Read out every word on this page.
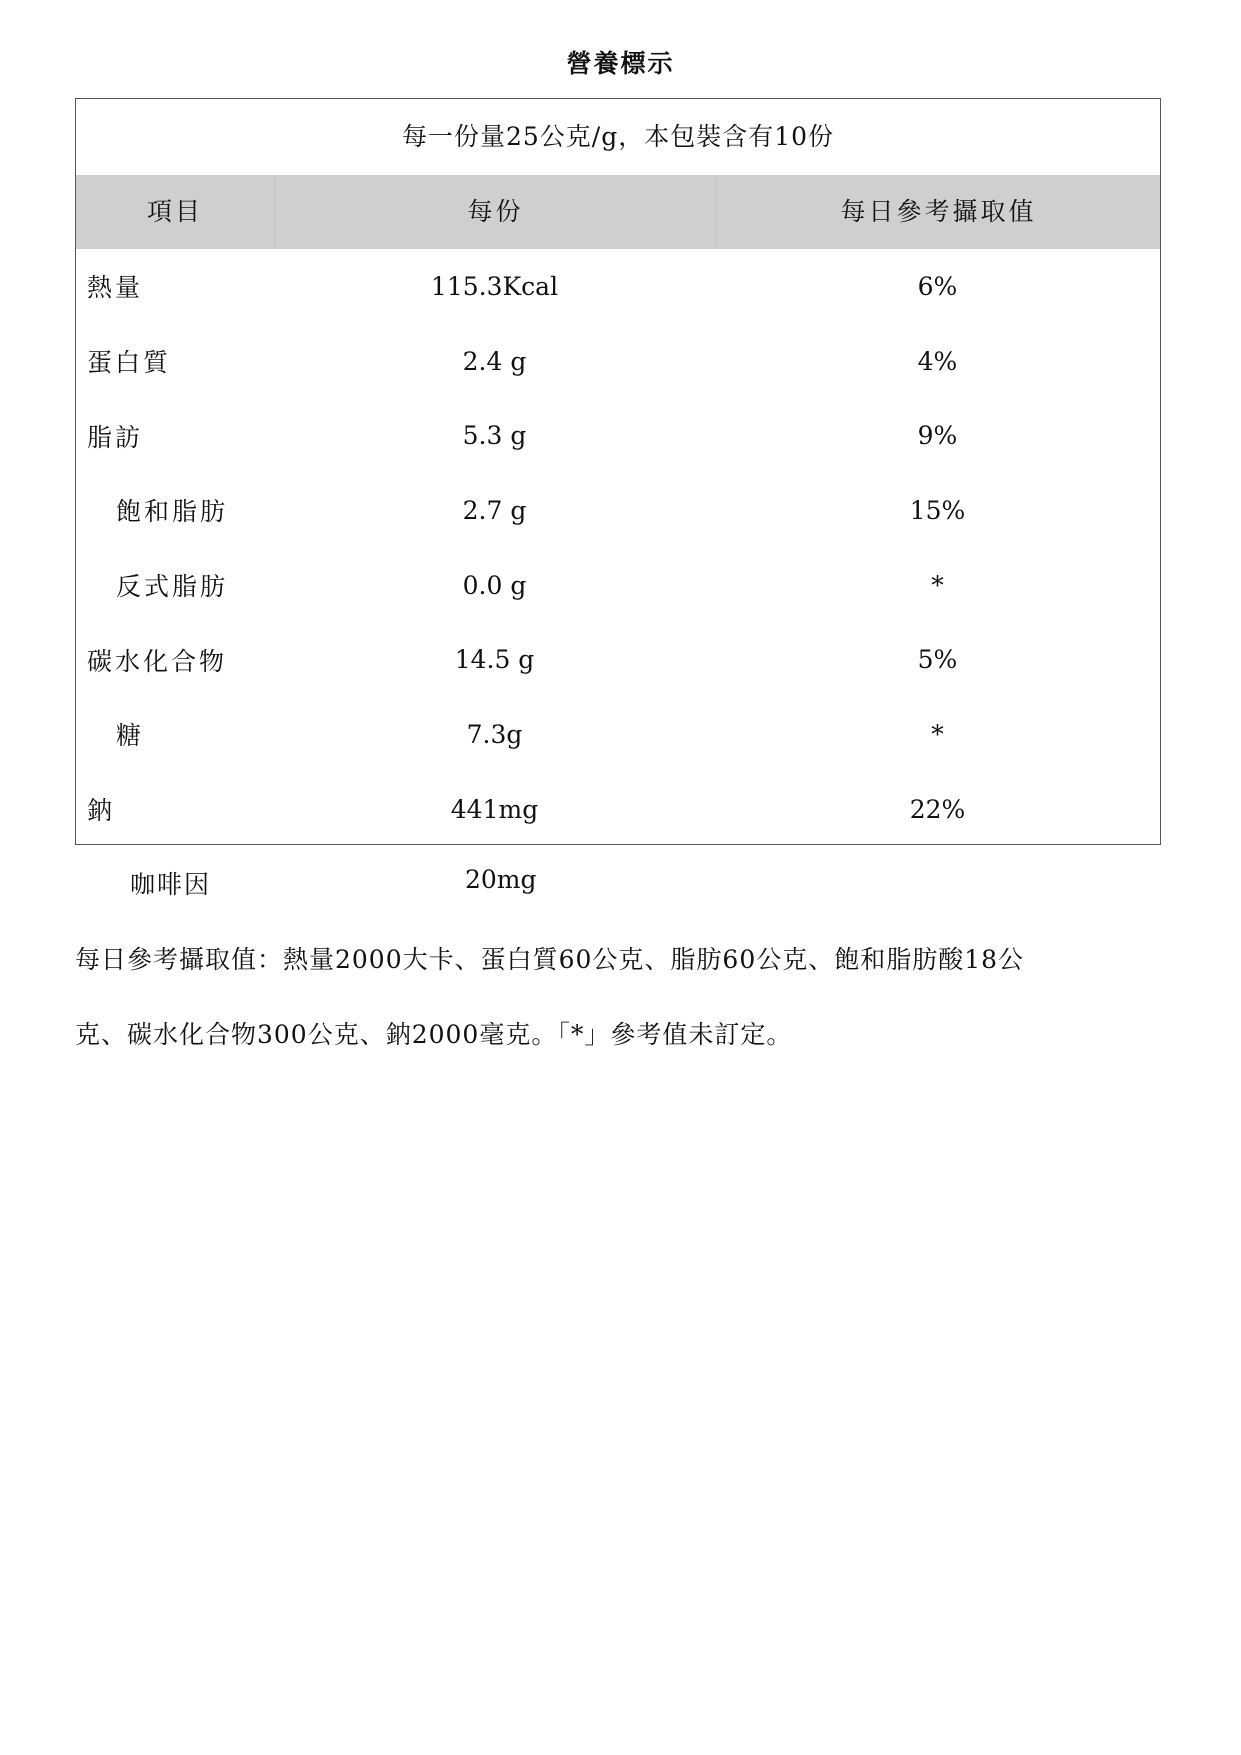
營養標示
每一份量25公克/g，本包裝含有10份
項目	每份	每日參考攝取值
熱量	115.3Kcal	6%
蛋白質	2.4 g	4%
脂訪	5.3 g	9%
飽和脂肪	2.7 g	15%
反式脂肪	0.0 g	*
碳水化合物	14.5 g	5%
糖	7.3g	*
鈉	441mg	22%
咖啡因	20mg
每日參考攝取值：熱量2000大卡、蛋白質60公克、脂肪60公克、飽和脂肪酸18公
克、碳水化合物300公克、鈉2000毫克。「*」參考值未訂定。
